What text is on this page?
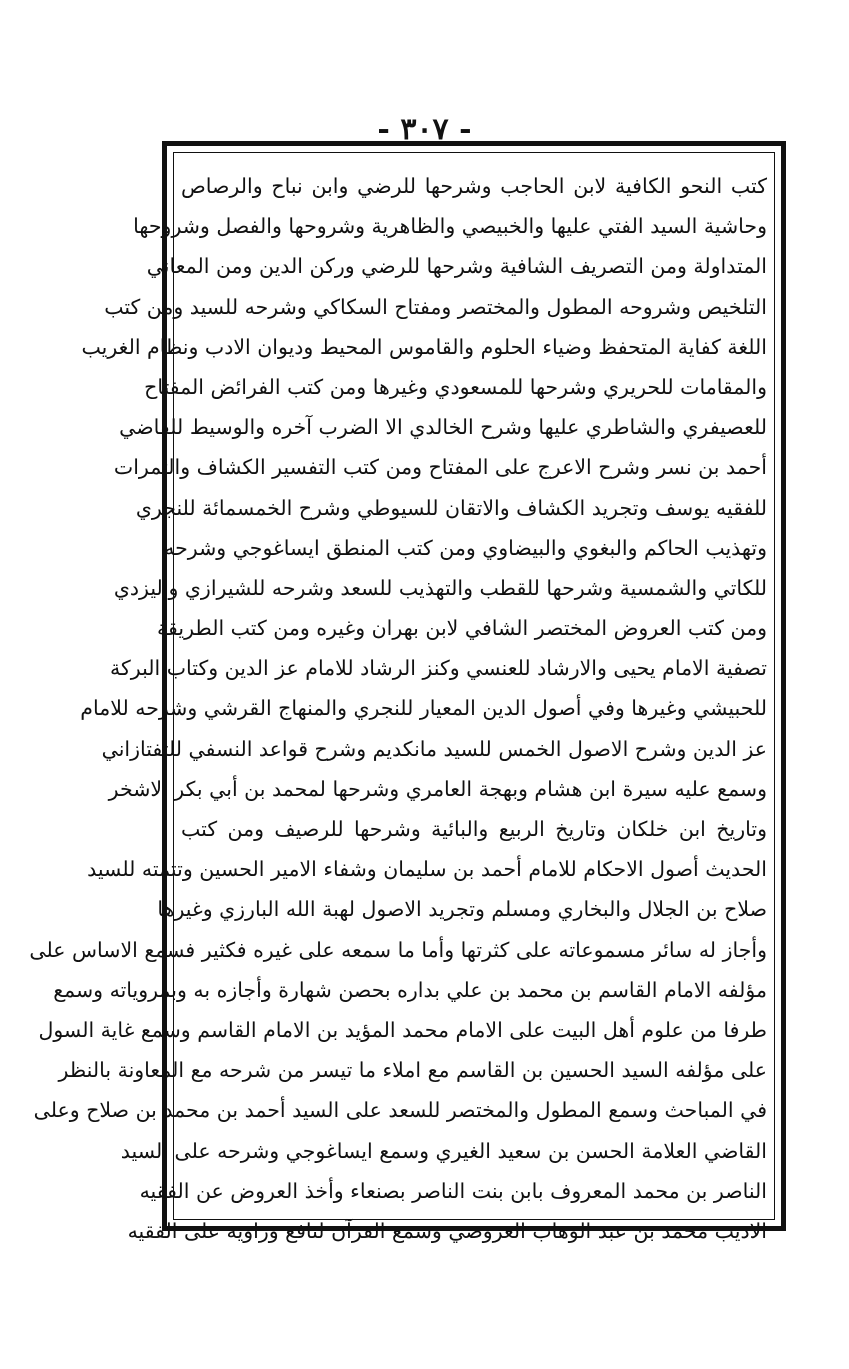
- ٣٠٧ -
كتب النحو الكافية لابن الحاجب وشرحها للرضي وابن نباح والرصاص
وحاشية السيد الفتي عليها والخبيصي والظاهرية وشروحها والفصل وشروحها
المتداولة ومن التصريف الشافية وشرحها للرضي وركن الدين ومن المعاني
التلخيص وشروحه المطول والمختصر ومفتاح السكاكي وشرحه للسيد ومن كتب
اللغة كفاية المتحفظ وضياء الحلوم والقاموس المحيط وديوان الادب ونظام الغريب
والمقامات للحريري وشرحها للمسعودي وغيرها ومن كتب الفرائض المفتاح
للعصيفري والشاطري عليها وشرح الخالدي الا الضرب آخره والوسيط للقاضي
أحمد بن نسر وشرح الاعرج على المفتاح ومن كتب التفسير الكشاف والثمرات
للفقيه يوسف وتجريد الكشاف والاتقان للسيوطي وشرح الخمسمائة للنجري
وتهذيب الحاكم والبغوي والبيضاوي ومن كتب المنطق ايساغوجي وشرحه
للكاتي والشمسية وشرحها للقطب والتهذيب للسعد وشرحه للشيرازي واليزدي
ومن كتب العروض المختصر الشافي لابن بهران وغيره ومن كتب الطريقة
تصفية الامام يحيى والارشاد للعنسي وكنز الرشاد للامام عز الدين وكتاب البركة
للحبيشي وغيرها وفي أصول الدين المعيار للنجري والمنهاج القرشي وشرحه للامام
عز الدين وشرح الاصول الخمس للسيد مانكديم وشرح قواعد النسفي للتفتازاني
وسمع عليه سيرة ابن هشام وبهجة العامري وشرحها لمحمد بن أبي بكر الاشخر
وتاريخ ابن خلكان وتاريخ الربيع والبائية وشرحها للرصيف ومن كتب
الحديث أصول الاحكام للامام أحمد بن سليمان وشفاء الامير الحسين وتتمته للسيد
صلاح بن الجلال والبخاري ومسلم وتجريد الاصول لهبة الله البارزي وغيرها
وأجاز له سائر مسموعاته على كثرتها وأما ما سمعه على غيره فكثير فسمع الاساس على
مؤلفه الامام القاسم بن محمد بن علي بداره بحصن شهارة وأجازه به وبمروياته وسمع
طرفا من علوم أهل البيت على الامام محمد المؤيد بن الامام القاسم وسمع غاية السول
على مؤلفه السيد الحسين بن القاسم مع املاء ما تيسر من شرحه مع المعاونة بالنظر
في المباحث وسمع المطول والمختصر للسعد على السيد أحمد بن محمد بن صلاح وعلى
القاضي العلامة الحسن بن سعيد الغيري وسمع ايساغوجي وشرحه على السيد
الناصر بن محمد المعروف بابن بنت الناصر بصنعاء وأخذ العروض عن الفقيه
الاديب محمد بن عبد الوهاب العروضي وسمع القرآن لنافع وراويه على الفقيه
